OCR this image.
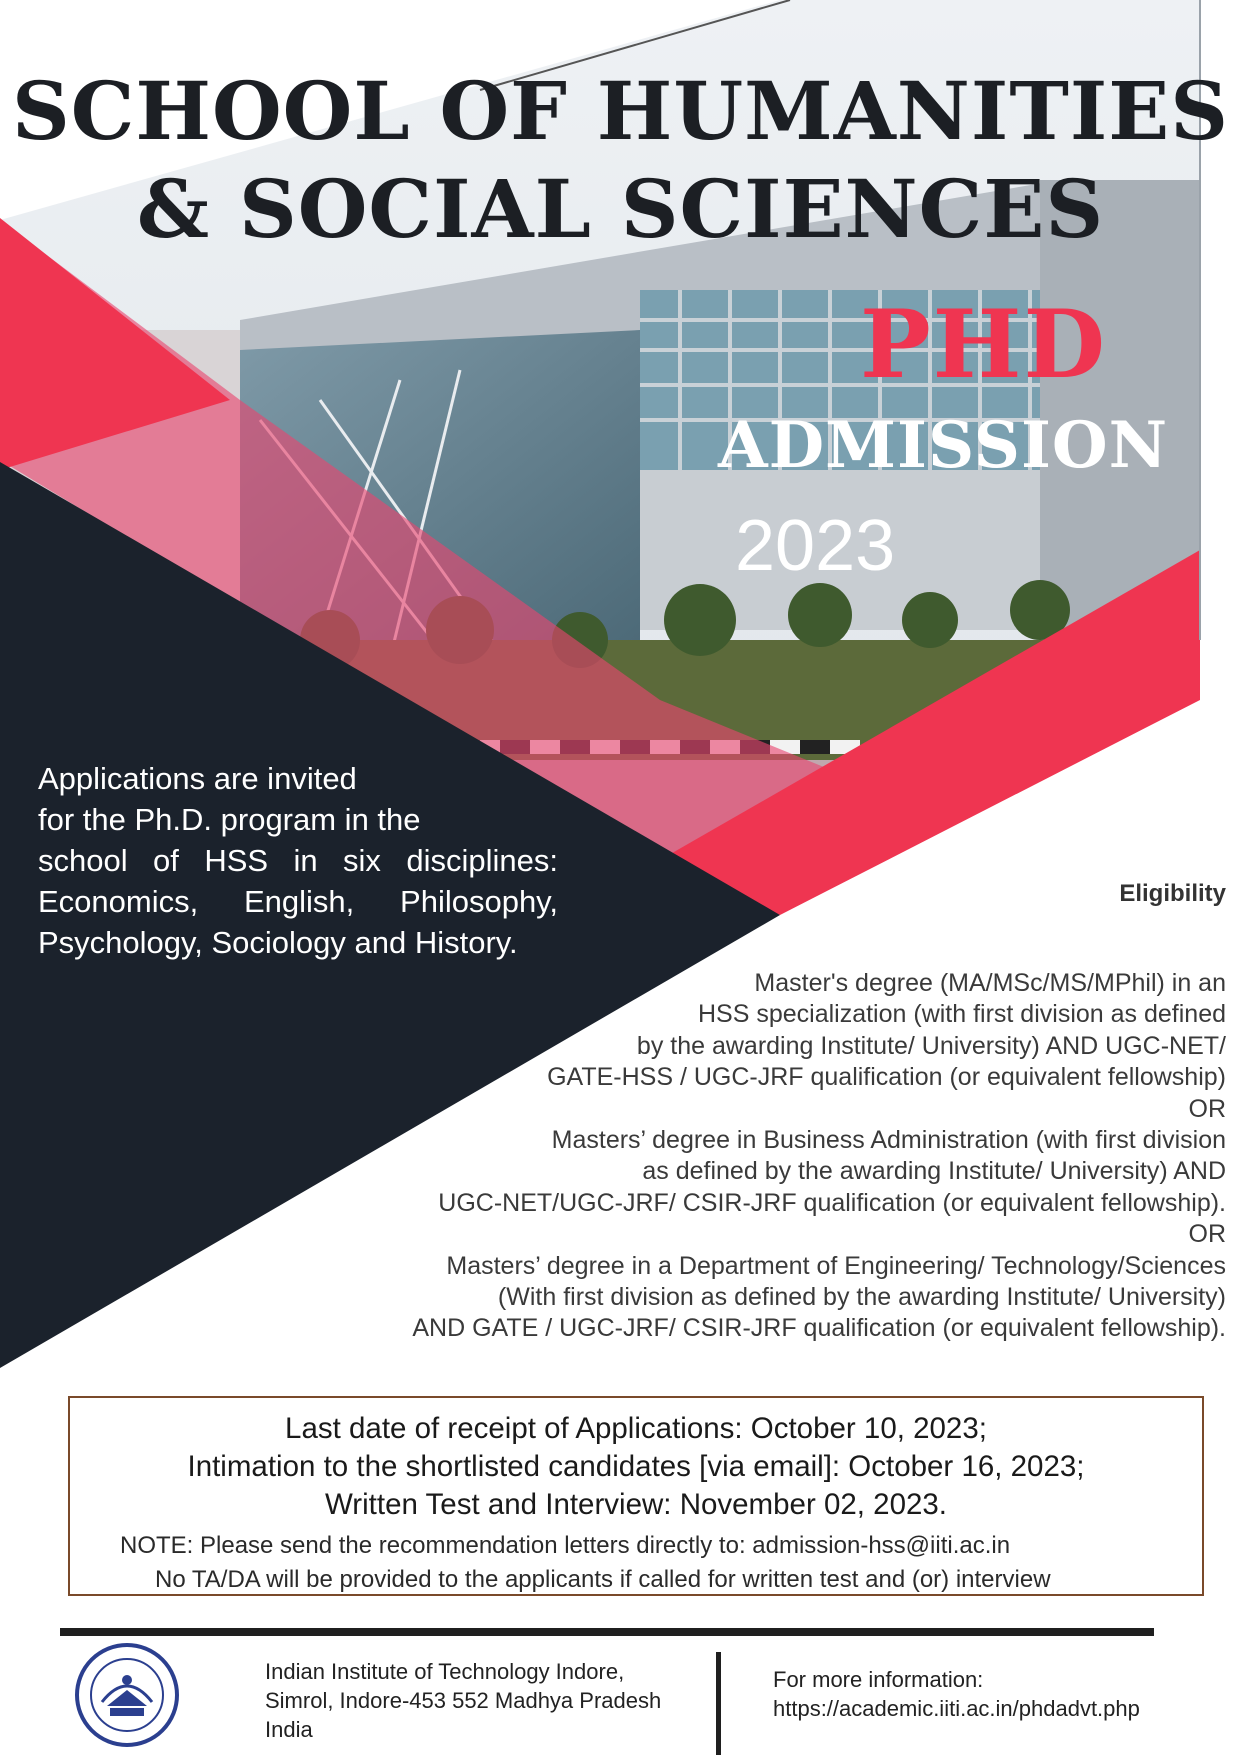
SCHOOL OF HUMANITIES
& SOCIAL SCIENCES
PHD
ADMISSION
2023
Applications are invited
for the Ph.D. program in the
school of HSS in six disciplines:
Economics, English, Philosophy,
Psychology, Sociology and History.
Eligibility
Master's degree (MA/MSc/MS/MPhil) in an
HSS specialization (with first division as defined
by the awarding Institute/ University) AND UGC-NET/
GATE-HSS / UGC-JRF qualification (or equivalent fellowship)
OR
Masters’ degree in Business Administration (with first division
as defined by the awarding Institute/ University) AND
UGC-NET/UGC-JRF/ CSIR-JRF qualification (or equivalent fellowship).
OR
Masters’ degree in a Department of Engineering/ Technology/Sciences
(With first division as defined by the awarding Institute/ University)
AND GATE / UGC-JRF/ CSIR-JRF qualification (or equivalent fellowship).
Last date of receipt of Applications: October 10, 2023;
Intimation to the shortlisted candidates [via email]: October 16, 2023;
Written Test and Interview: November 02, 2023.
NOTE: Please send the recommendation letters directly to: admission-hss@iiti.ac.in
No TA/DA will be provided to the applicants if called for written test and (or) interview
Indian Institute of Technology Indore,
Simrol, Indore-453 552 Madhya Pradesh
India
For more information:
https://academic.iiti.ac.in/phdadvt.php
